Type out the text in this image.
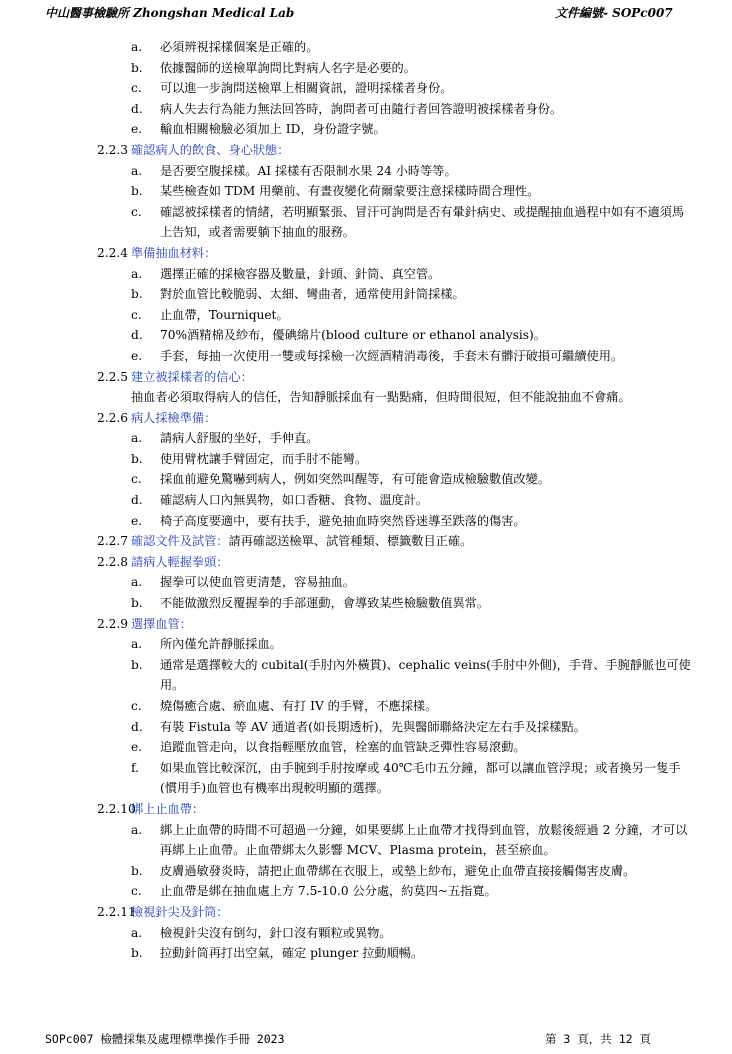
中山醫事檢驗所 Zhongshan Medical Lab	文件編號- SOPc007
a.	必須辨視採樣個案是正確的。
b.	依據醫師的送檢單詢問比對病人名字是必要的。
c.	可以進一步詢問送檢單上相關資訊，證明採樣者身份。
d.	病人失去行為能力無法回答時，詢問者可由隨行者回答證明被採樣者身份。
e.	輸血相關檢驗必須加上 ID，身份證字號。
2.2.3 確認病人的飲食、身心狀態：
a.	是否要空腹採樣。AI 採樣有否限制水果 24 小時等等。
b.	某些檢查如 TDM 用藥前、有晝夜變化荷爾蒙要注意採樣時間合理性。
c.	確認被採樣者的情緒，若明顯緊張、冒汗可詢問是否有暈針病史、或提醒抽血過程中如有不適須馬上告知，或者需要躺下抽血的服務。
2.2.4 準備抽血材料：
a.	選擇正確的採檢容器及數量，針頭、針筒、真空管。
b.	對於血管比較脆弱、太細、彎曲者，通常使用針筒採樣。
c.	止血帶，Tourniquet。
d.	70%酒精棉及紗布，優碘綿片(blood culture or ethanol analysis)。
e.	手套，每抽一次使用一雙或每採檢一次經酒精消毒後，手套未有髒汙破損可繼續使用。
2.2.5 建立被採樣者的信心：
抽血者必須取得病人的信任，告知靜脈採血有一點點痛，但時間很短，但不能說抽血不會痛。
2.2.6 病人採檢準備：
a.	請病人舒服的坐好，手伸直。
b.	使用臂枕讓手臂固定，而手肘不能彎。
c.	採血前避免驚嚇到病人，例如突然叫醒等，有可能會造成檢驗數值改變。
d.	確認病人口內無異物，如口香糖、食物、溫度計。
e.	椅子高度要適中，要有扶手，避免抽血時突然昏迷導至跌落的傷害。
2.2.7 確認文件及試管：請再確認送檢單、試管種類、標籤數目正確。
2.2.8 請病人輕握拳頭：
a.	握拳可以使血管更清楚，容易抽血。
b.	不能做激烈反覆握拳的手部運動，會導致某些檢驗數值異常。
2.2.9 選擇血管：
a.	所內僅允許靜脈採血。
b.	通常是選擇較大的 cubital(手肘內外橫貫)、cephalic veins(手肘中外側)，手背、手腕靜脈也可使用。
c.	燒傷癒合處、瘀血處、有打 IV 的手臂，不應採樣。
d.	有裝 Fistula 等 AV 通道者(如長期透析)，先與醫師聯絡決定左右手及採樣點。
e.	追蹤血管走向，以食指輕壓放血管，栓塞的血管缺乏彈性容易滾動。
f.	如果血管比較深沉，由手腕到手肘按摩或 40℃毛巾五分鐘，都可以讓血管浮現；或者換另一隻手(慣用手)血管也有機率出現較明顯的選擇。
2.2.10
綁上止血帶：
a.	綁上止血帶的時間不可超過一分鐘，如果要綁上止血帶才找得到血管，放鬆後經過 2 分鐘，才可以再綁上止血帶。止血帶綁太久影響 MCV、Plasma protein，甚至瘀血。
b.	皮膚過敏發炎時，請把止血帶綁在衣服上，或墊上紗布，避免止血帶直接接觸傷害皮膚。
c.	止血帶是綁在抽血處上方 7.5-10.0 公分處，約莫四~五指寬。
2.2.11
檢視針尖及針筒：
a.	檢視針尖沒有倒勾，針口沒有顆粒或異物。
b.	拉動針筒再打出空氣，確定 plunger 拉動順暢。
SOPc007 檢體採集及處理標準操作手冊 2023	第 3 頁，共 12 頁
